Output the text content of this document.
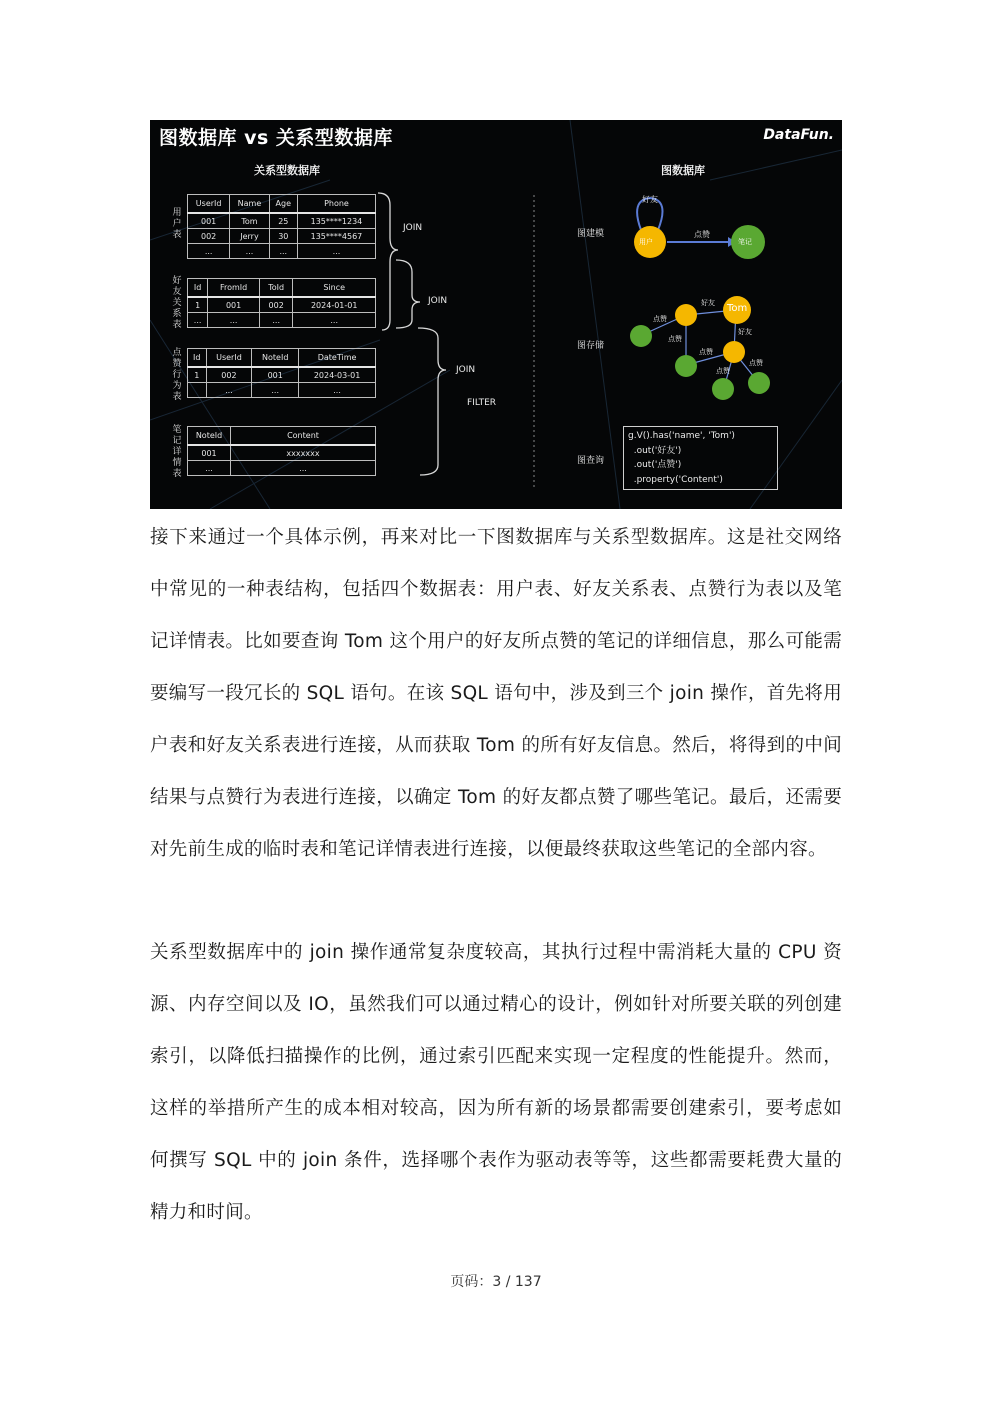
图数据库 vs 关系型数据库	DataFun.
关系型数据库	图数据库
用户表
好友关系表
点赞行为表
笔记详情表
UserId	Name	Age	Phone
001	Tom	25	135****1234
002	Jerry	30	135****4567
...	...	...	...
Id	FromId	ToId	Since
1	001	002	2024-01-01
...	...	...	...
Id	UserId	NoteId	DateTime
1	002	001	2024-03-01
	...	...	...
NoteId	Content
001	xxxxxxx
...	...
JOIN
JOIN
JOIN
FILTER
图建模
图存储
图查询
用户	笔记
好友
点赞
Tom
好友
点赞
点赞
好友
点赞
点赞
点赞
g.V().has('name', 'Tom')
.out('好友')
.out('点赞')
.property('Content')

接下来通过一个具体示例，再来对比一下图数据库与关系型数据库。这是社交网络中常见的一种表结构，包括四个数据表：用户表、好友关系表、点赞行为表以及笔记详情表。比如要查询 Tom 这个用户的好友所点赞的笔记的详细信息，那么可能需要编写一段冗长的 SQL 语句。在该 SQL 语句中，涉及到三个 join 操作，首先将用户表和好友关系表进行连接，从而获取 Tom 的所有好友信息。然后，将得到的中间结果与点赞行为表进行连接，以确定 Tom 的好友都点赞了哪些笔记。最后，还需要对先前生成的临时表和笔记详情表进行连接，以便最终获取这些笔记的全部内容。

关系型数据库中的 join 操作通常复杂度较高，其执行过程中需消耗大量的 CPU 资源、内存空间以及 IO，虽然我们可以通过精心的设计，例如针对所要关联的列创建索引，以降低扫描操作的比例，通过索引匹配来实现一定程度的性能提升。然而，这样的举措所产生的成本相对较高，因为所有新的场景都需要创建索引，要考虑如何撰写 SQL 中的 join 条件，选择哪个表作为驱动表等等，这些都需要耗费大量的精力和时间。

页码：3 / 137
